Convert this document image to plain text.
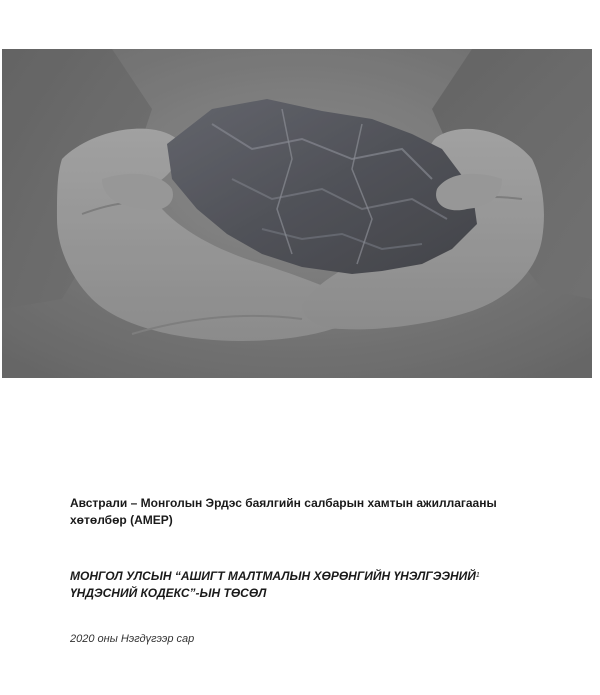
Австрали – Монголын Эрдэс баялгийн салбарын хамтын ажиллагааны
хөтөлбөр (AMEP)

МОНГОЛ УЛСЫН “АШИГТ МАЛТМАЛЫН ХӨРӨНГИЙН ҮНЭЛГЭЭНИЙ$^1$
ҮНДЭСНИЙ КОДЕКС”-ЫН ТӨСӨЛ

2020 оны Нэгдүгээр сар
